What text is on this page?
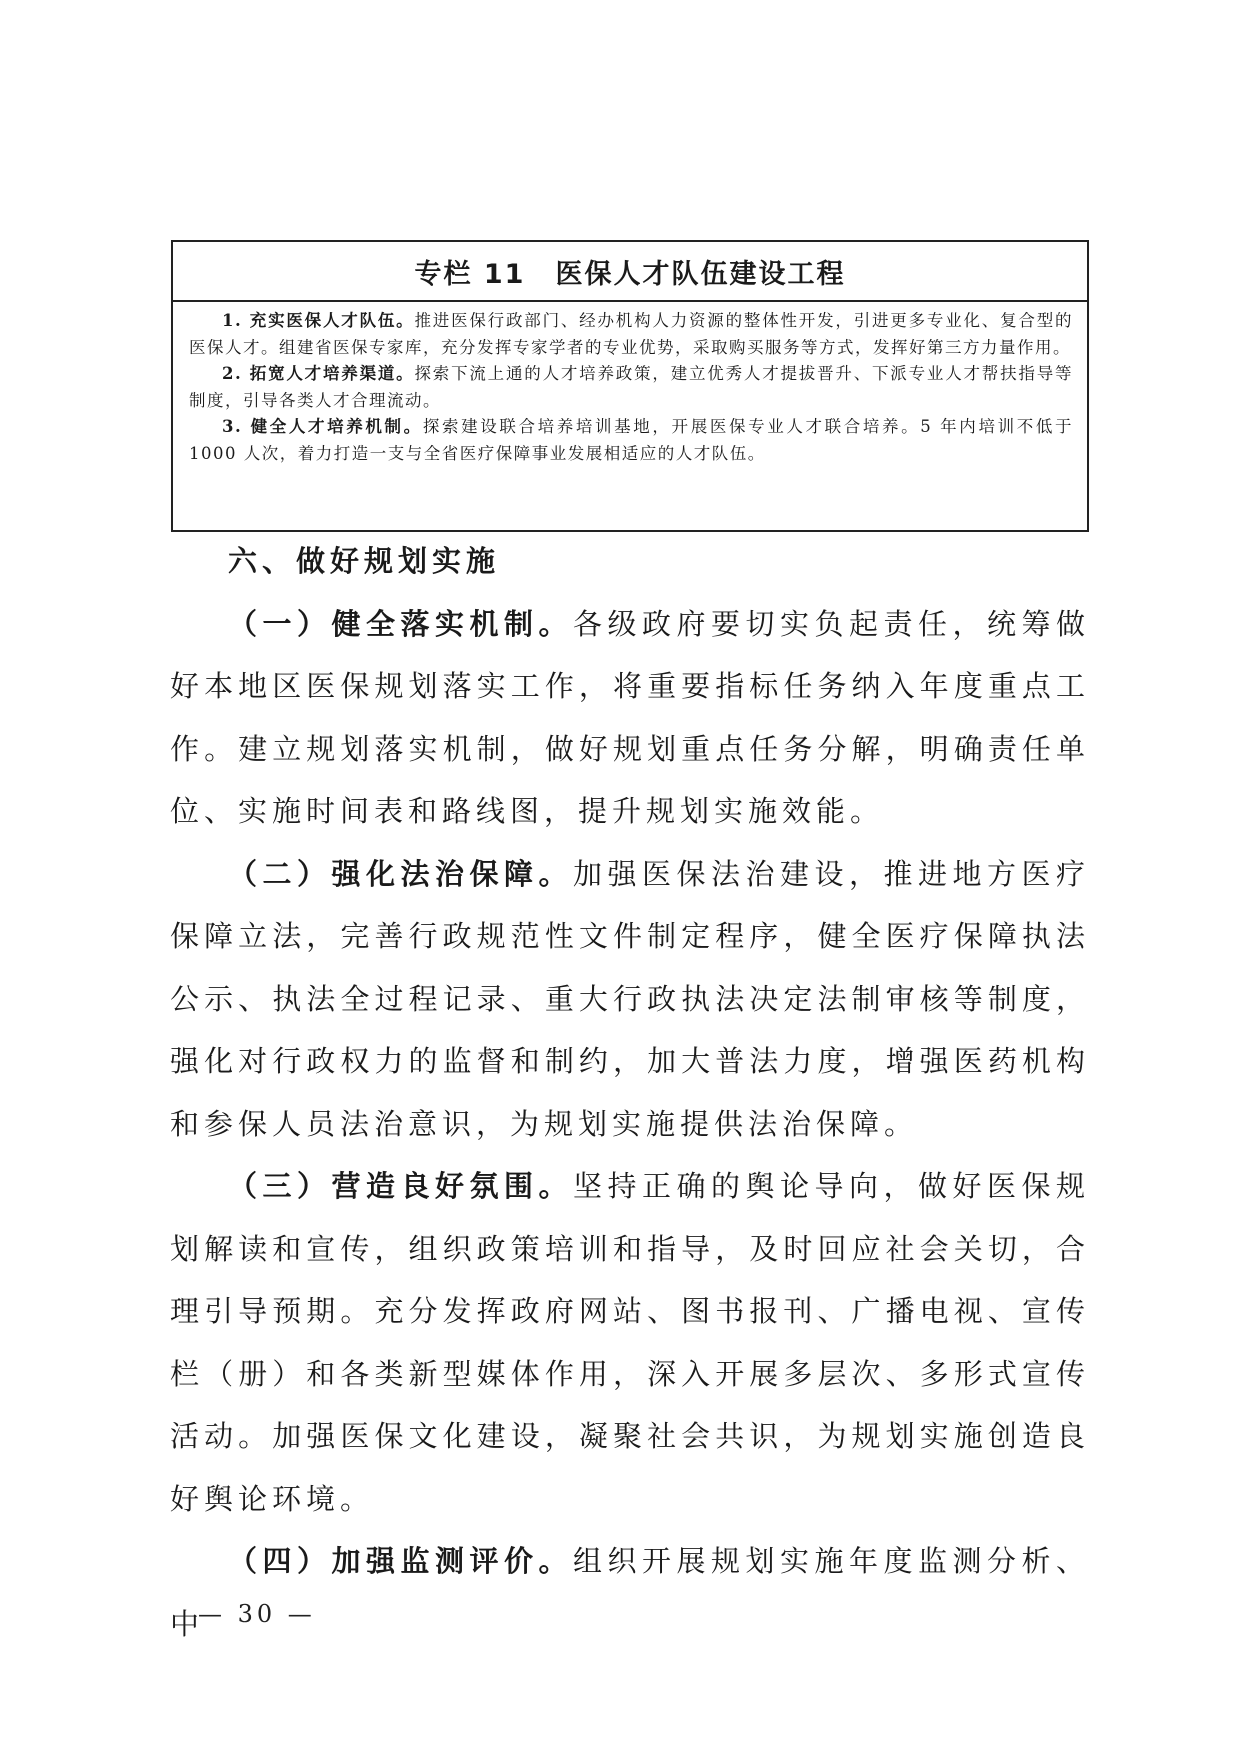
专栏 11 医保人才队伍建设工程

1. 充实医保人才队伍。推进医保行政部门、经办机构人力资源的整体性开发，引进更多专业化、复合型的医保人才。组建省医保专家库，充分发挥专家学者的专业优势，采取购买服务等方式，发挥好第三方力量作用。

2. 拓宽人才培养渠道。探索下流上通的人才培养政策，建立优秀人才提拔晋升、下派专业人才帮扶指导等制度，引导各类人才合理流动。

3. 健全人才培养机制。探索建设联合培养培训基地，开展医保专业人才联合培养。5 年内培训不低于 1000 人次，着力打造一支与全省医疗保障事业发展相适应的人才队伍。

六、做好规划实施

（一）健全落实机制。各级政府要切实负起责任，统筹做好本地区医保规划落实工作，将重要指标任务纳入年度重点工作。建立规划落实机制，做好规划重点任务分解，明确责任单位、实施时间表和路线图，提升规划实施效能。

（二）强化法治保障。加强医保法治建设，推进地方医疗保障立法，完善行政规范性文件制定程序，健全医疗保障执法公示、执法全过程记录、重大行政执法决定法制审核等制度，强化对行政权力的监督和制约，加大普法力度，增强医药机构和参保人员法治意识，为规划实施提供法治保障。

（三）营造良好氛围。坚持正确的舆论导向，做好医保规划解读和宣传，组织政策培训和指导，及时回应社会关切，合理引导预期。充分发挥政府网站、图书报刊、广播电视、宣传栏（册）和各类新型媒体作用，深入开展多层次、多形式宣传活动。加强医保文化建设，凝聚社会共识，为规划实施创造良好舆论环境。

（四）加强监测评价。组织开展规划实施年度监测分析、中

— 30 —
